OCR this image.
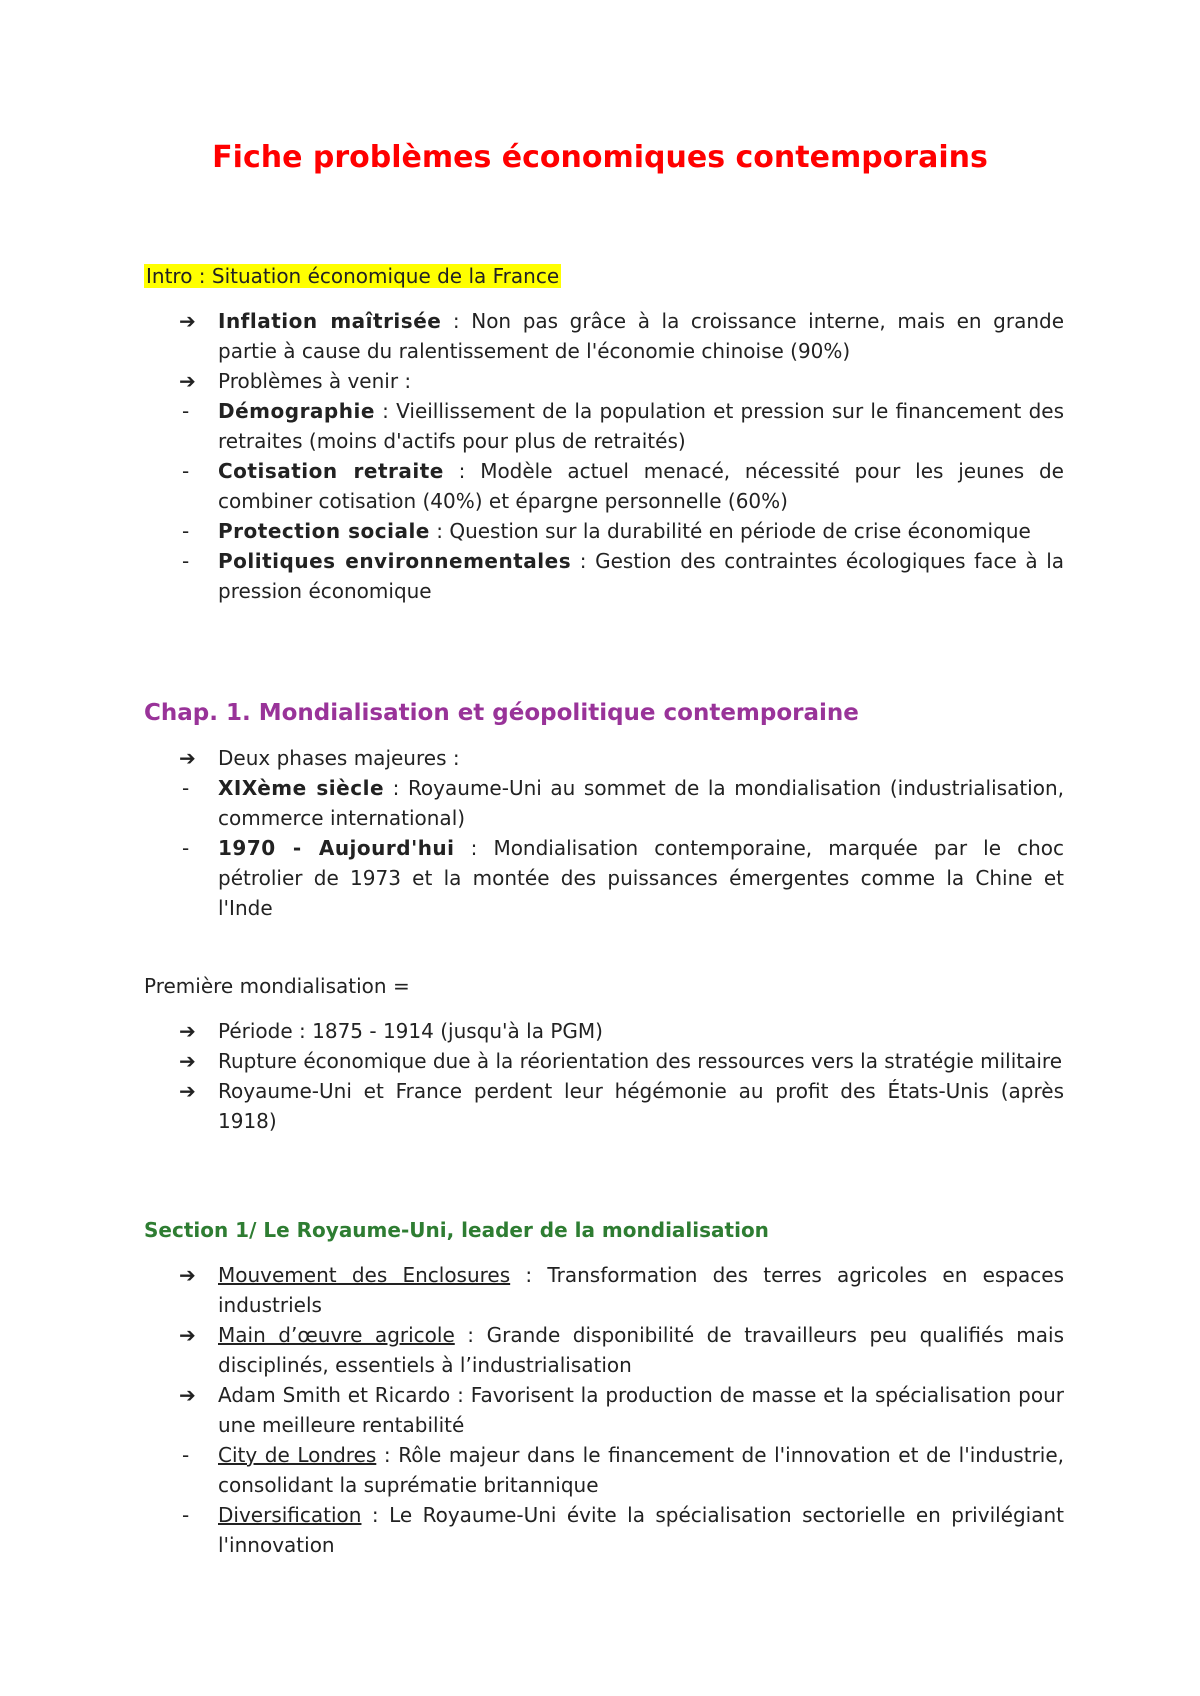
Fiche problèmes économiques contemporains
Intro : Situation économique de la France
➔	Inflation maîtrisée : Non pas grâce à la croissance interne, mais en grande partie à cause du ralentissement de l'économie chinoise (90%)
➔	Problèmes à venir :
-	Démographie : Vieillissement de la population et pression sur le financement des retraites (moins d'actifs pour plus de retraités)
-	Cotisation retraite : Modèle actuel menacé, nécessité pour les jeunes de combiner cotisation (40%) et épargne personnelle (60%)
-	Protection sociale : Question sur la durabilité en période de crise économique
-	Politiques environnementales : Gestion des contraintes écologiques face à la pression économique
Chap. 1. Mondialisation et géopolitique contemporaine
➔	Deux phases majeures :
-	XIXème siècle : Royaume-Uni au sommet de la mondialisation (industrialisation, commerce international)
-	1970 - Aujourd'hui : Mondialisation contemporaine, marquée par le choc pétrolier de 1973 et la montée des puissances émergentes comme la Chine et l'Inde
Première mondialisation =
➔	Période : 1875 - 1914 (jusqu'à la PGM)
➔	Rupture économique due à la réorientation des ressources vers la stratégie militaire
➔	Royaume-Uni et France perdent leur hégémonie au profit des États-Unis (après 1918)
Section 1/ Le Royaume-Uni, leader de la mondialisation
➔	Mouvement des Enclosures : Transformation des terres agricoles en espaces industriels
➔	Main d’œuvre agricole : Grande disponibilité de travailleurs peu qualifiés mais disciplinés, essentiels à l’industrialisation
➔	Adam Smith et Ricardo : Favorisent la production de masse et la spécialisation pour une meilleure rentabilité
-	City de Londres : Rôle majeur dans le financement de l'innovation et de l'industrie, consolidant la suprématie britannique
-	Diversification : Le Royaume-Uni évite la spécialisation sectorielle en privilégiant l'innovation
